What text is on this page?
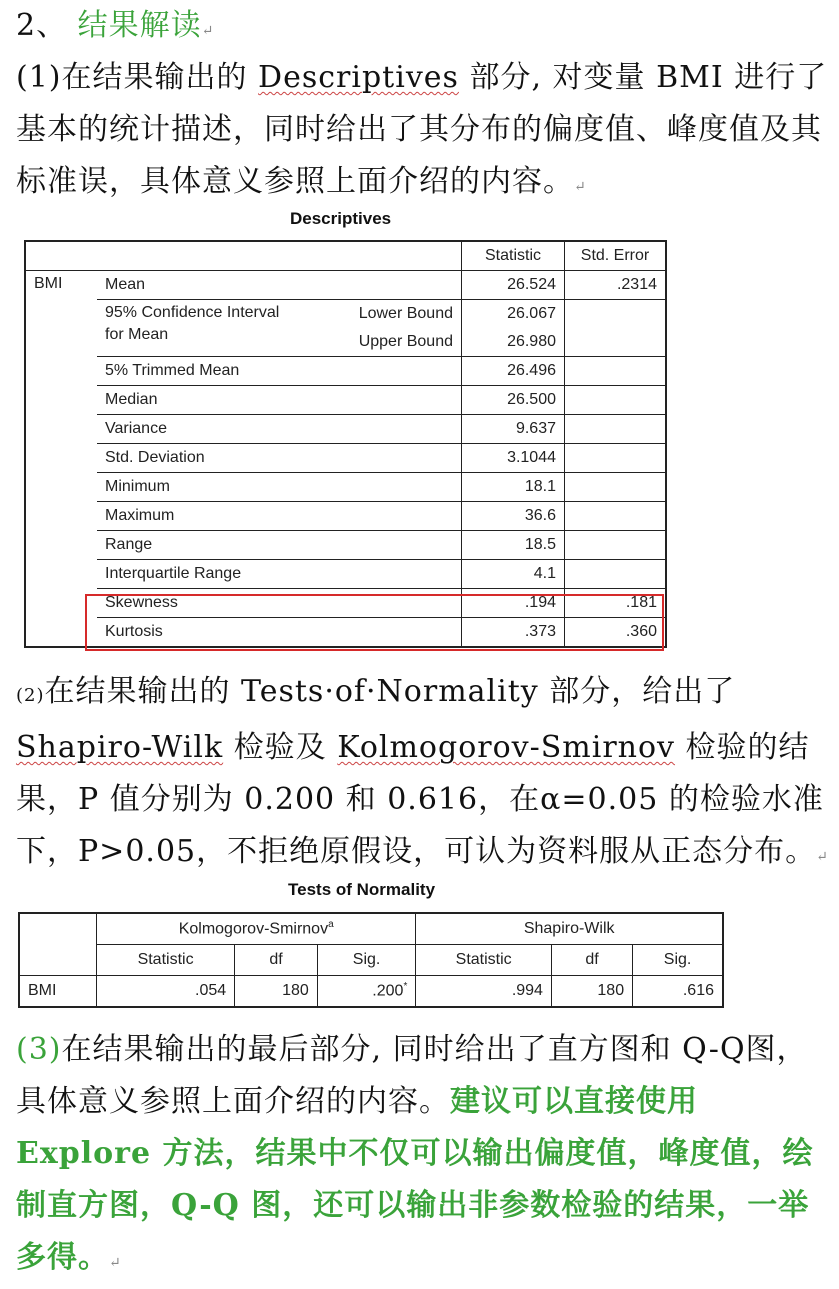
2、 结果解读↵
(1)在结果输出的 Descriptives 部分, 对变量 BMI 进行了基本的统计描述，同时给出了其分布的偏度值、峰度值及其标准误，具体意义参照上面介绍的内容。↵
Descriptives
			Statistic	Std. Error
BMI	Mean		26.524	.2314
	95% Confidence Interval
for Mean	Lower Bound	26.067	
		Upper Bound	26.980	
	5% Trimmed Mean		26.496	
	Median		26.500	
	Variance		9.637	
	Std. Deviation		3.1044	
	Minimum		18.1	
	Maximum		36.6	
	Range		18.5	
	Interquartile Range		4.1	
	Skewness		.194	.181
	Kurtosis		.373	.360
(2)在结果输出的 Tests·of·Normality 部分，给出了
Shapiro-Wilk 检验及 Kolmogorov-Smirnov 检验的结果，P 值分别为 0.200 和 0.616，在α=0.05 的检验水准下，P>0.05，不拒绝原假设，可认为资料服从正态分布。↵
Tests of Normality
	Kolmogorov-Smirnov$^a$			Shapiro-Wilk		
	Statistic	df	Sig.	Statistic	df	Sig.
BMI	.054	180	.200*	.994	180	.616
(3)在结果输出的最后部分, 同时给出了直方图和 Q-Q图，具体意义参照上面介绍的内容。建议可以直接使用 Explore 方法，结果中不仅可以输出偏度值，峰度值，绘制直方图，Q-Q 图，还可以输出非参数检验的结果，一举多得。↵
